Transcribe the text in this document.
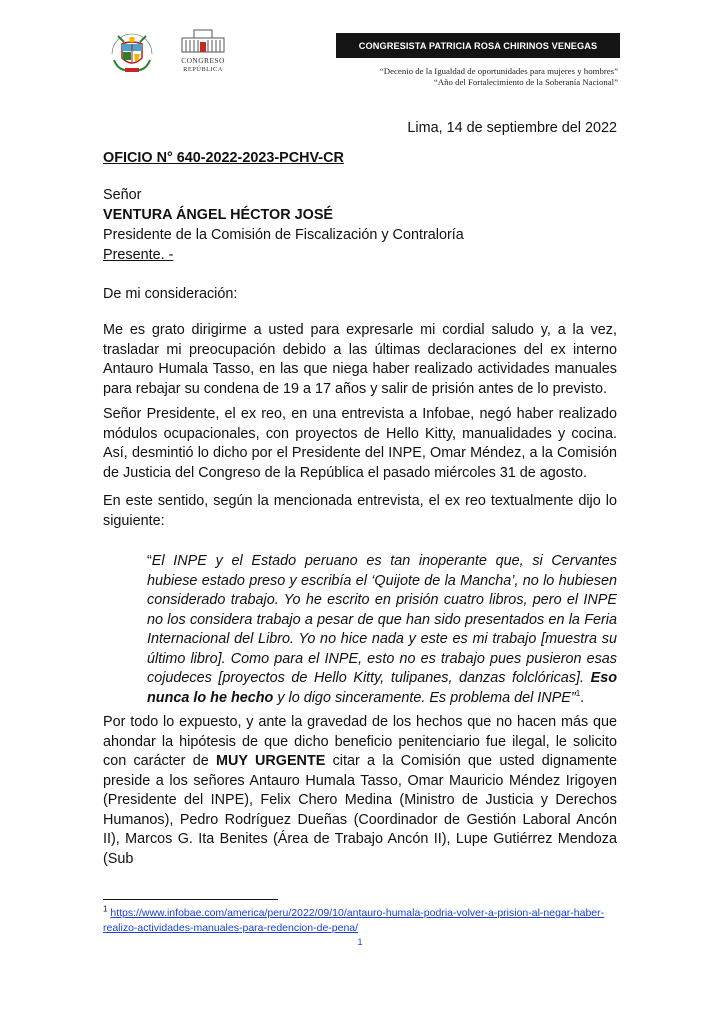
CONGRESO
REPÚBLICA
CONGRESISTA PATRICIA ROSA CHIRINOS VENEGAS
“Decenio de la Igualdad de oportunidades para mujeres y hombres”
“Año del Fortalecimiento de la Soberanía Nacional”
Lima, 14 de septiembre del 2022
OFICIO N° 640-2022-2023-PCHV-CR
Señor
VENTURA ÁNGEL HÉCTOR JOSÉ
Presidente de la Comisión de Fiscalización y Contraloría
Presente. -
De mi consideración:
Me es grato dirigirme a usted para expresarle mi cordial saludo y, a la vez, trasladar mi preocupación debido a las últimas declaraciones del ex interno Antauro Humala Tasso, en las que niega haber realizado actividades manuales para rebajar su condena de 19 a 17 años y salir de prisión antes de lo previsto.
Señor Presidente, el ex reo, en una entrevista a Infobae, negó haber realizado módulos ocupacionales, con proyectos de Hello Kitty, manualidades y cocina. Así, desmintió lo dicho por el Presidente del INPE, Omar Méndez, a la Comisión de Justicia del Congreso de la República el pasado miércoles 31 de agosto.
En este sentido, según la mencionada entrevista, el ex reo textualmente dijo lo siguiente:
“El INPE y el Estado peruano es tan inoperante que, si Cervantes hubiese estado preso y escribía el ‘Quijote de la Mancha’, no lo hubiesen considerado trabajo. Yo he escrito en prisión cuatro libros, pero el INPE no los considera trabajo a pesar de que han sido presentados en la Feria Internacional del Libro. Yo no hice nada y este es mi trabajo [muestra su último libro]. Como para el INPE, esto no es trabajo pues pusieron esas cojudeces [proyectos de Hello Kitty, tulipanes, danzas folclóricas]. Eso nunca lo he hecho y lo digo sinceramente. Es problema del INPE”$^1$.
Por todo lo expuesto, y ante la gravedad de los hechos que no hacen más que ahondar la hipótesis de que dicho beneficio penitenciario fue ilegal, le solicito con carácter de MUY URGENTE citar a la Comisión que usted dignamente preside a los señores Antauro Humala Tasso, Omar Mauricio Méndez Irigoyen (Presidente del INPE), Felix Chero Medina (Ministro de Justicia y Derechos Humanos), Pedro Rodríguez Dueñas (Coordinador de Gestión Laboral Ancón II), Marcos G. Ita Benites (Área de Trabajo Ancón II), Lupe Gutiérrez Mendoza (Sub
$^1$ https://www.infobae.com/america/peru/2022/09/10/antauro-humala-podria-volver-a-prision-al-negar-haber-realizo-actividades-manuales-para-redencion-de-pena/
1
